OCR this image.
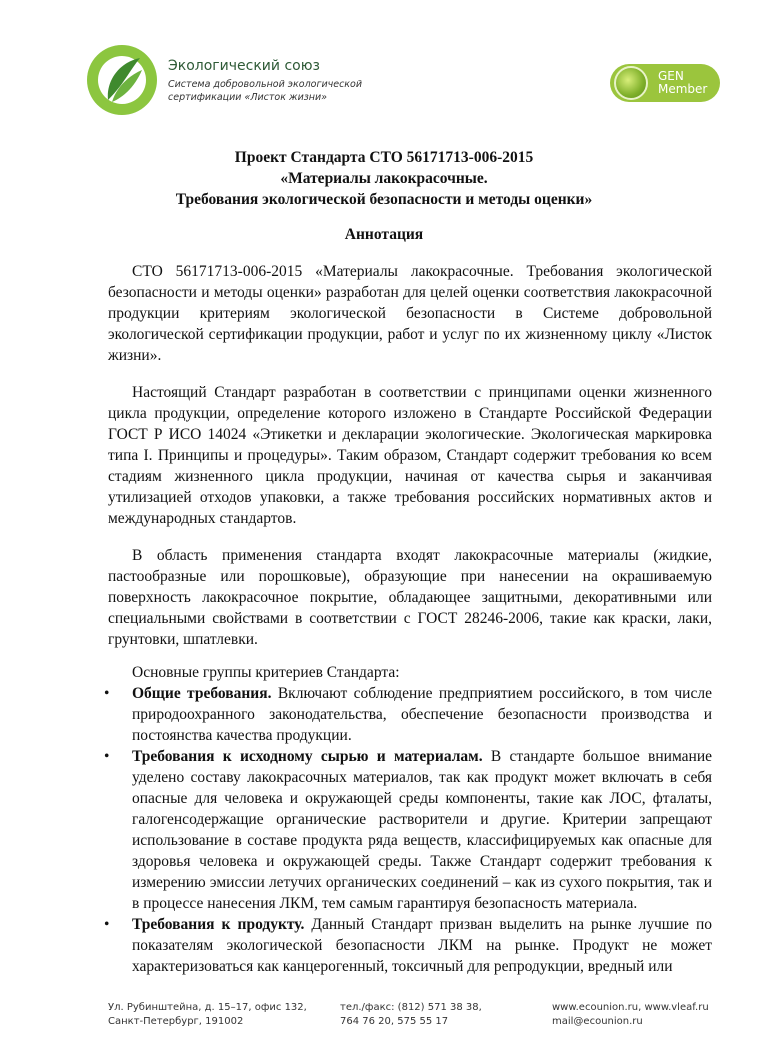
Экологический союз
Система добровольной экологической
сертификации «Листок жизни»
GEN
Member
Проект Стандарта СТО 56171713-006-2015
«Материалы лакокрасочные.
Требования экологической безопасности и методы оценки»
Аннотация

СТО 56171713-006-2015 «Материалы лакокрасочные. Требования экологической безопасности и методы оценки» разработан для целей оценки соответствия лакокрасочной продукции критериям экологической безопасности в Системе добровольной экологической сертификации продукции, работ и услуг по их жизненному циклу «Листок жизни».

Настоящий Стандарт разработан в соответствии с принципами оценки жизненного цикла продукции, определение которого изложено в Стандарте Российской Федерации ГОСТ Р ИСО 14024 «Этикетки и декларации экологические. Экологическая маркировка типа I. Принципы и процедуры». Таким образом, Стандарт содержит требования ко всем стадиям жизненного цикла продукции, начиная от качества сырья и заканчивая утилизацией отходов упаковки, а также требования российских нормативных актов и международных стандартов.

В область применения стандарта входят лакокрасочные материалы (жидкие, пастообразные или порошковые), образующие при нанесении на окрашиваемую поверхность лакокрасочное покрытие, обладающее защитными, декоративными или специальными свойствами в соответствии с ГОСТ 28246-2006, такие как краски, лаки, грунтовки, шпатлевки.

Основные группы критериев Стандарта:
• Общие требования. Включают соблюдение предприятием российского, в том числе природоохранного законодательства, обеспечение безопасности производства и постоянства качества продукции.
• Требования к исходному сырью и материалам. В стандарте большое внимание уделено составу лакокрасочных материалов, так как продукт может включать в себя опасные для человека и окружающей среды компоненты, такие как ЛОС, фталаты, галогенсодержащие органические растворители и другие. Критерии запрещают использование в составе продукта ряда веществ, классифицируемых как опасные для здоровья человека и окружающей среды. Также Стандарт содержит требования к измерению эмиссии летучих органических соединений – как из сухого покрытия, так и в процессе нанесения ЛКМ, тем самым гарантируя безопасность материала.
• Требования к продукту. Данный Стандарт призван выделить на рынке лучшие по показателям экологической безопасности ЛКМ на рынке. Продукт не может характеризоваться как канцерогенный, токсичный для репродукции, вредный или
Ул. Рубинштейна, д. 15–17, офис 132,
Санкт-Петербург, 191002
тел./факс: (812) 571 38 38,
764 76 20, 575 55 17
www.ecounion.ru, www.vleaf.ru
mail@ecounion.ru
